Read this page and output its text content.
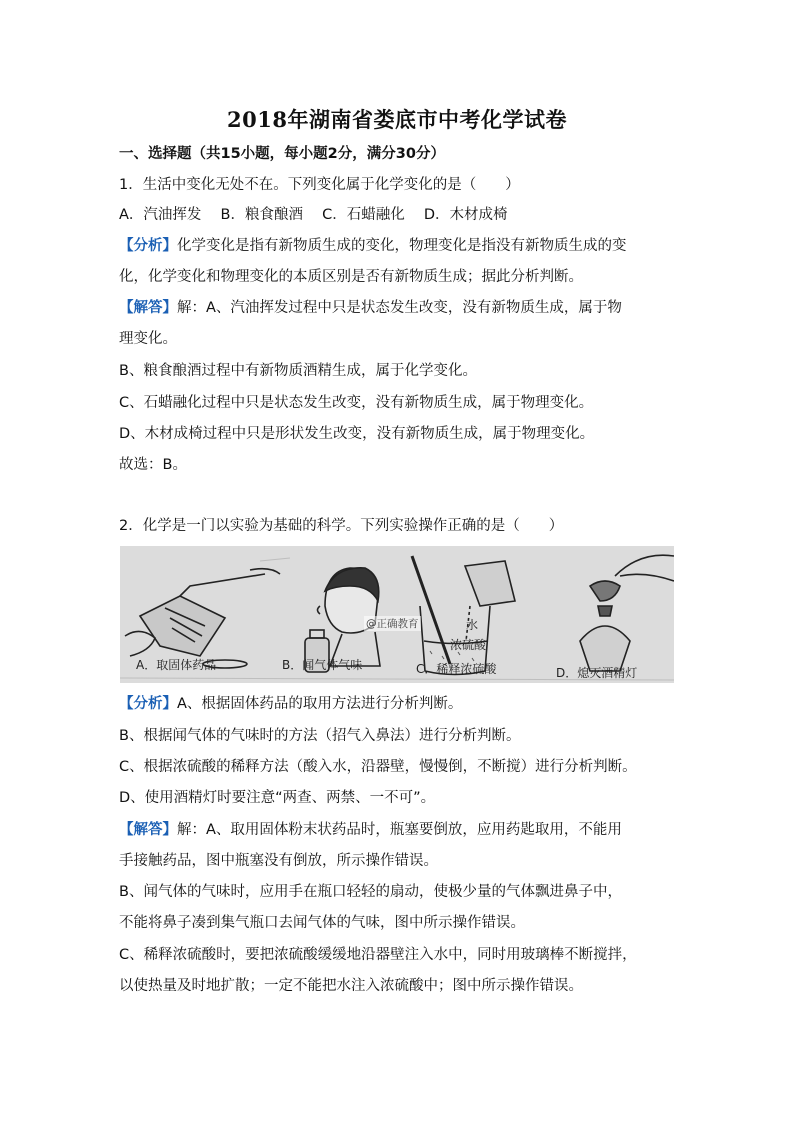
2018年湖南省娄底市中考化学试卷
一、选择题（共15小题，每小题2分，满分30分）
1．生活中变化无处不在。下列变化属于化学变化的是（　　）
A．汽油挥发　 B．粮食酿酒　 C．石蜡融化　 D．木材成椅
【分析】化学变化是指有新物质生成的变化，物理变化是指没有新物质生成的变
化，化学变化和物理变化的本质区别是否有新物质生成；据此分析判断。
【解答】解：A、汽油挥发过程中只是状态发生改变，没有新物质生成，属于物
理变化。
B、粮食酿酒过程中有新物质酒精生成，属于化学变化。
C、石蜡融化过程中只是状态发生改变，没有新物质生成，属于物理变化。
D、木材成椅过程中只是形状发生改变，没有新物质生成，属于物理变化。
故选：B。
2．化学是一门以实验为基础的科学。下列实验操作正确的是（　　）
A．取固体药品	B．闻气体气味	C．稀释浓硫酸	D．熄灭酒精灯
水
浓硫酸
@正确教育
【分析】A、根据固体药品的取用方法进行分析判断。
B、根据闻气体的气味时的方法（招气入鼻法）进行分析判断。
C、根据浓硫酸的稀释方法（酸入水，沿器壁，慢慢倒，不断搅）进行分析判断。
D、使用酒精灯时要注意“两查、两禁、一不可”。
【解答】解：A、取用固体粉末状药品时，瓶塞要倒放，应用药匙取用，不能用
手接触药品，图中瓶塞没有倒放，所示操作错误。
B、闻气体的气味时，应用手在瓶口轻轻的扇动，使极少量的气体飘进鼻子中，
不能将鼻子凑到集气瓶口去闻气体的气味，图中所示操作错误。
C、稀释浓硫酸时，要把浓硫酸缓缓地沿器壁注入水中，同时用玻璃棒不断搅拌，
以使热量及时地扩散；一定不能把水注入浓硫酸中；图中所示操作错误。
